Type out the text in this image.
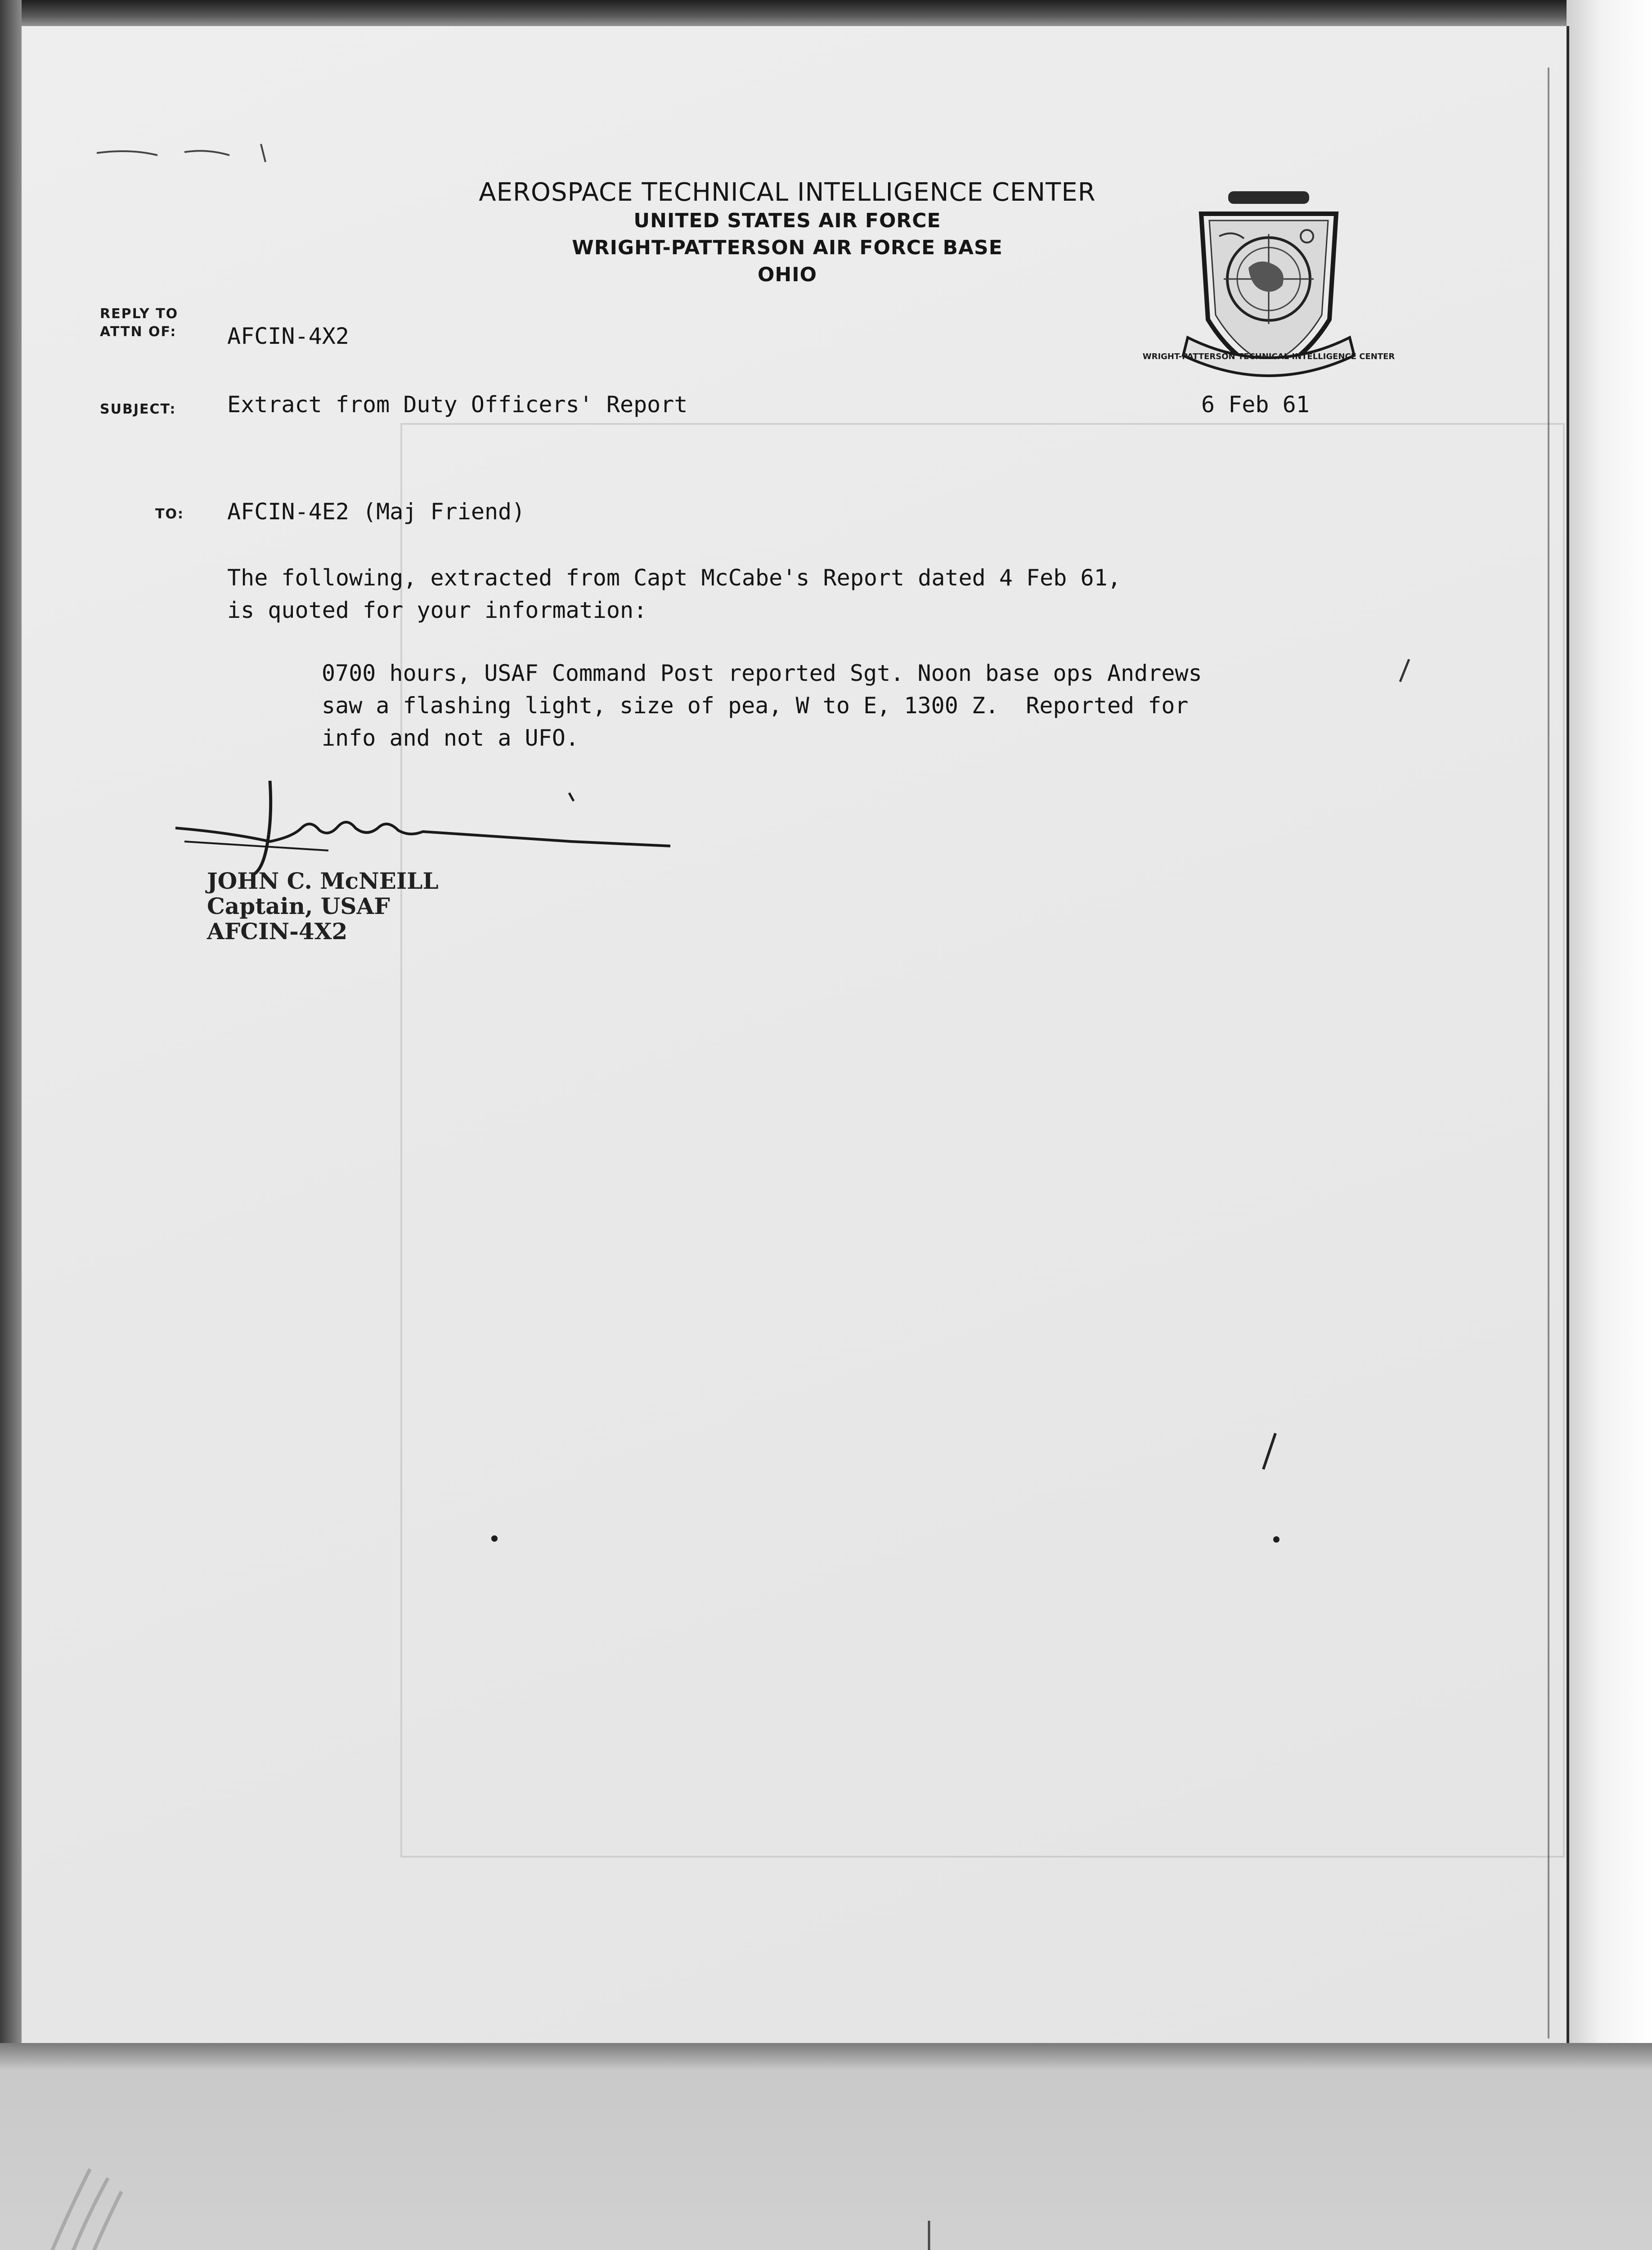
AEROSPACE TECHNICAL INTELLIGENCE CENTER
UNITED STATES AIR FORCE
WRIGHT-PATTERSON AIR FORCE BASE
OHIO
WRIGHT-PATTERSON TECHNICAL INTELLIGENCE CENTER
REPLY TO
ATTN OF: AFCIN-4X2
SUBJECT: Extract from Duty Officers' Report	6 Feb 61
TO: AFCIN-4E2 (Maj Friend)
The following, extracted from Capt McCabe's Report dated 4 Feb 61,
is quoted for your information:
0700 hours, USAF Command Post reported Sgt. Noon base ops Andrews
saw a flashing light, size of pea, W to E, 1300 Z.  Reported for
info and not a UFO.
JOHN C. McNEILL
Captain, USAF
AFCIN-4X2
